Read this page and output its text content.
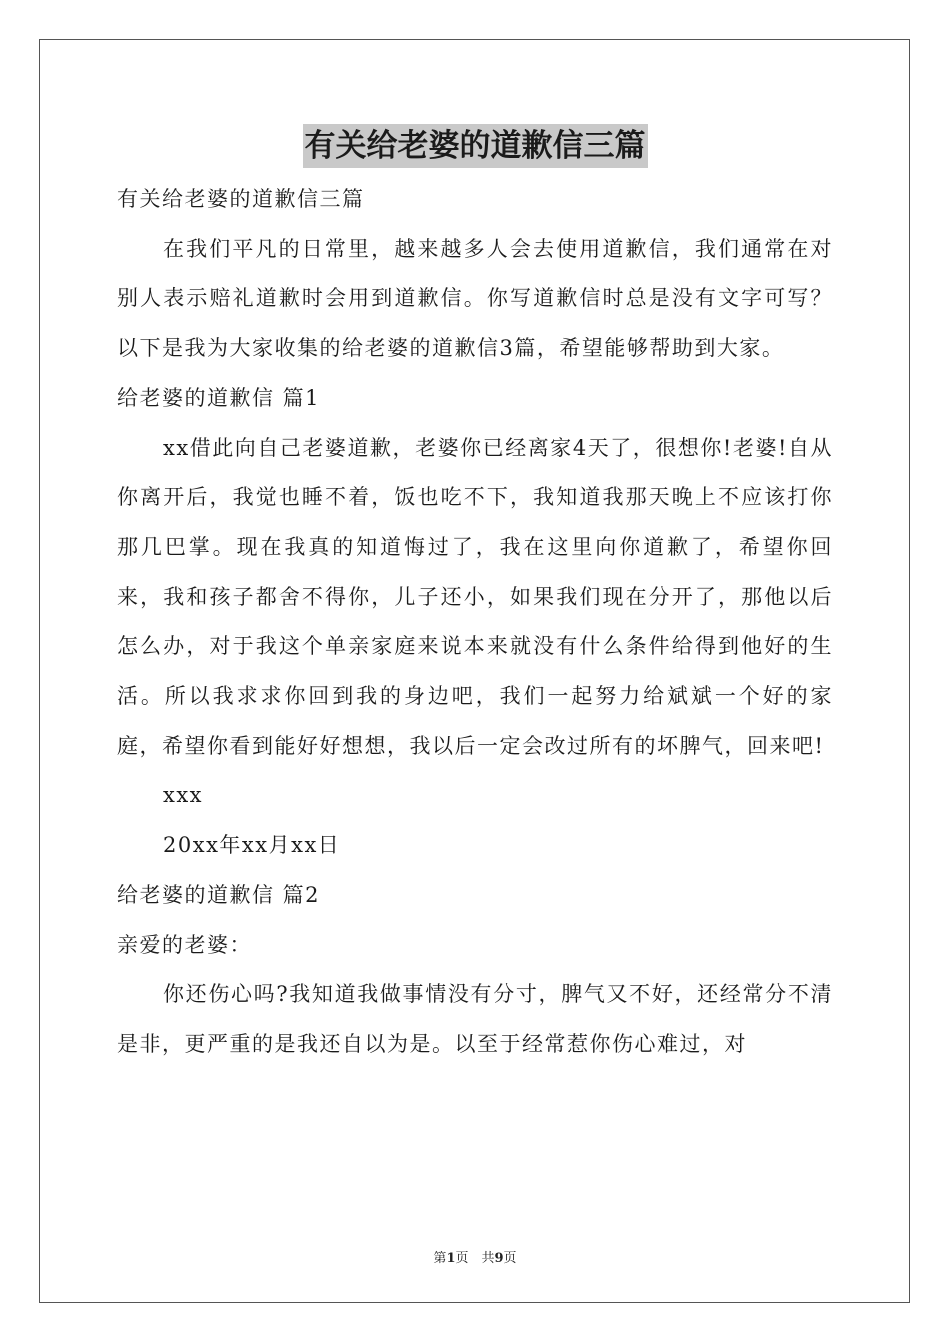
有关给老婆的道歉信三篇

有关给老婆的道歉信三篇

在我们平凡的日常里，越来越多人会去使用道歉信，我们通常在对别人表示赔礼道歉时会用到道歉信。你写道歉信时总是没有文字可写？以下是我为大家收集的给老婆的道歉信3篇，希望能够帮助到大家。

给老婆的道歉信 篇1

xx借此向自己老婆道歉，老婆你已经离家4天了，很想你!老婆!自从你离开后，我觉也睡不着，饭也吃不下，我知道我那天晚上不应该打你那几巴掌。现在我真的知道悔过了，我在这里向你道歉了，希望你回来，我和孩子都舍不得你，儿子还小，如果我们现在分开了，那他以后怎么办，对于我这个单亲家庭来说本来就没有什么条件给得到他好的生活。所以我求求你回到我的身边吧，我们一起努力给斌斌一个好的家庭，希望你看到能好好想想，我以后一定会改过所有的坏脾气，回来吧!

xxx

20xx年xx月xx日

给老婆的道歉信 篇2

亲爱的老婆：

你还伤心吗?我知道我做事情没有分寸，脾气又不好，还经常分不清是非，更严重的是我还自以为是。以至于经常惹你伤心难过，对

第1页　共9页
